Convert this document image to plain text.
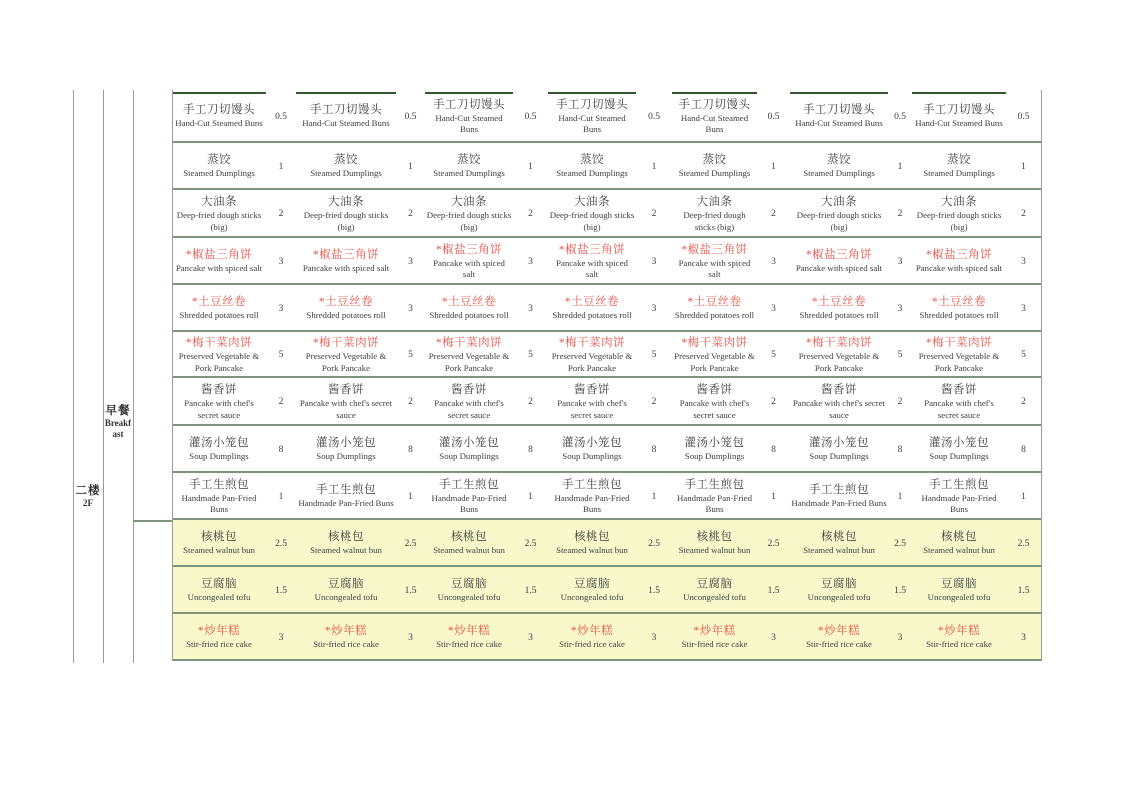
二楼
2F
早餐
Breakfast
手工刀切馒头
Hand-Cut Steamed Buns
0.5
蒸饺
Steamed Dumplings
1
大油条
Deep-fried dough sticks (big)
2
*椒盐三角饼
Pancake with spiced salt
3
*土豆丝卷
Shredded potatoes roll
3
*梅干菜肉饼
Preserved Vegetable & Pork Pancake
5
酱香饼
Pancake with chef's secret sauce
2
灌汤小笼包
Soup Dumplings
8
手工生煎包
Handmade Pan-Fried Buns
1
核桃包
Steamed walnut bun
2.5
豆腐脑
Uncongealed tofu
1.5
*炒年糕
Stir-fried rice cake
3
手工刀切馒头
Hand-Cut Steamed Buns
0.5
蒸饺
Steamed Dumplings
1
大油条
Deep-fried dough sticks (big)
2
*椒盐三角饼
Pancake with spiced salt
3
*土豆丝卷
Shredded potatoes roll
3
*梅干菜肉饼
Preserved Vegetable & Pork Pancake
5
酱香饼
Pancake with chef's secret sauce
2
灌汤小笼包
Soup Dumplings
8
手工生煎包
Handmade Pan-Fried Buns
1
核桃包
Steamed walnut bun
2.5
豆腐脑
Uncongealed tofu
1.5
*炒年糕
Stir-fried rice cake
3
手工刀切馒头
Hand-Cut Steamed Buns
0.5
蒸饺
Steamed Dumplings
1
大油条
Deep-fried dough sticks (big)
2
*椒盐三角饼
Pancake with spiced salt
3
*土豆丝卷
Shredded potatoes roll
3
*梅干菜肉饼
Preserved Vegetable & Pork Pancake
5
酱香饼
Pancake with chef's secret sauce
2
灌汤小笼包
Soup Dumplings
8
手工生煎包
Handmade Pan-Fried Buns
1
核桃包
Steamed walnut bun
2.5
豆腐脑
Uncongealed tofu
1.5
*炒年糕
Stir-fried rice cake
3
手工刀切馒头
Hand-Cut Steamed Buns
0.5
蒸饺
Steamed Dumplings
1
大油条
Deep-fried dough sticks (big)
2
*椒盐三角饼
Pancake with spiced salt
3
*土豆丝卷
Shredded potatoes roll
3
*梅干菜肉饼
Preserved Vegetable & Pork Pancake
5
酱香饼
Pancake with chef's secret sauce
2
灌汤小笼包
Soup Dumplings
8
手工生煎包
Handmade Pan-Fried Buns
1
核桃包
Steamed walnut bun
2.5
豆腐脑
Uncongealed tofu
1.5
*炒年糕
Stir-fried rice cake
3
手工刀切馒头
Hand-Cut Steamed Buns
0.5
蒸饺
Steamed Dumplings
1
大油条
Deep-fried dough sticks (big)
2
*椒盐三角饼
Pancake with spiced salt
3
*土豆丝卷
Shredded potatoes roll
3
*梅干菜肉饼
Preserved Vegetable & Pork Pancake
5
酱香饼
Pancake with chef's secret sauce
2
灌汤小笼包
Soup Dumplings
8
手工生煎包
Handmade Pan-Fried Buns
1
核桃包
Steamed walnut bun
2.5
豆腐脑
Uncongealed tofu
1.5
*炒年糕
Stir-fried rice cake
3
手工刀切馒头
Hand-Cut Steamed Buns
0.5
蒸饺
Steamed Dumplings
1
大油条
Deep-fried dough sticks (big)
2
*椒盐三角饼
Pancake with spiced salt
3
*土豆丝卷
Shredded potatoes roll
3
*梅干菜肉饼
Preserved Vegetable & Pork Pancake
5
酱香饼
Pancake with chef's secret sauce
2
灌汤小笼包
Soup Dumplings
8
手工生煎包
Handmade Pan-Fried Buns
1
核桃包
Steamed walnut bun
2.5
豆腐脑
Uncongealed tofu
1.5
*炒年糕
Stir-fried rice cake
3
手工刀切馒头
Hand-Cut Steamed Buns
0.5
蒸饺
Steamed Dumplings
1
大油条
Deep-fried dough sticks (big)
2
*椒盐三角饼
Pancake with spiced salt
3
*土豆丝卷
Shredded potatoes roll
3
*梅干菜肉饼
Preserved Vegetable & Pork Pancake
5
酱香饼
Pancake with chef's secret sauce
2
灌汤小笼包
Soup Dumplings
8
手工生煎包
Handmade Pan-Fried Buns
1
核桃包
Steamed walnut bun
2.5
豆腐脑
Uncongealed tofu
1.5
*炒年糕
Stir-fried rice cake
3
